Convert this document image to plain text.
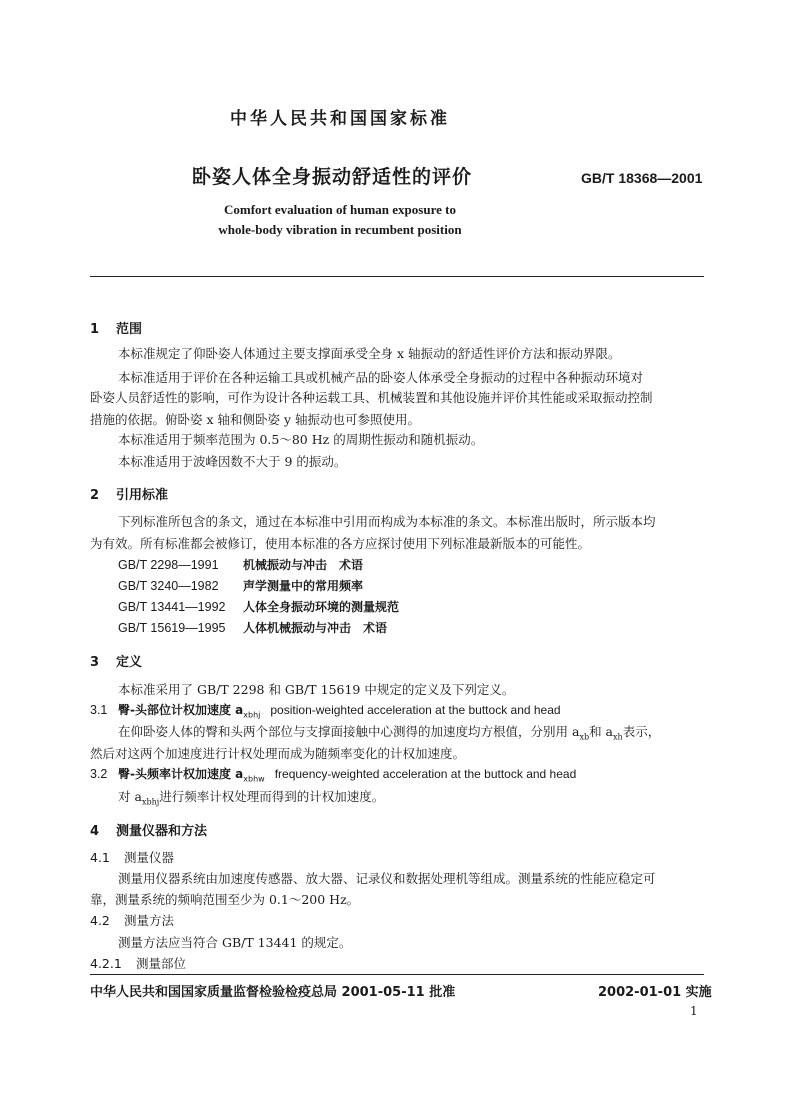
中华人民共和国国家标准
卧姿人体全身振动舒适性的评价	GB/T 18368—2001
Comfort evaluation of human exposure to
whole-body vibration in recumbent position
1 范围
本标准规定了仰卧姿人体通过主要支撑面承受全身 x 轴振动的舒适性评价方法和振动界限。
本标准适用于评价在各种运输工具或机械产品的卧姿人体承受全身振动的过程中各种振动环境对
卧姿人员舒适性的影响，可作为设计各种运载工具、机械装置和其他设施并评价其性能或采取振动控制
措施的依据。俯卧姿 x 轴和侧卧姿 y 轴振动也可参照使用。
本标准适用于频率范围为 0.5～80 Hz 的周期性振动和随机振动。
本标准适用于波峰因数不大于 9 的振动。
2 引用标准
下列标准所包含的条文，通过在本标准中引用而构成为本标准的条文。本标准出版时，所示版本均
为有效。所有标准都会被修订，使用本标准的各方应探讨使用下列标准最新版本的可能性。
GB/T 2298—1991 机械振动与冲击　术语
GB/T 3240—1982 声学测量中的常用频率
GB/T 13441—1992 人体全身振动环境的测量规范
GB/T 15619—1995 人体机械振动与冲击　术语
3 定义
本标准采用了 GB/T 2298 和 GB/T 15619 中规定的定义及下列定义。
3.1 臀-头部位计权加速度 $a_{xbhj}$ position-weighted acceleration at the buttock and head
在仰卧姿人体的臀和头两个部位与支撑面接触中心测得的加速度均方根值，分别用 $a_{xb}$和 $a_{xh}$表示，
然后对这两个加速度进行计权处理而成为随频率变化的计权加速度。
3.2 臀-头频率计权加速度 $a_{xbhw}$ frequency-weighted acceleration at the buttock and head
对 $a_{xbhj}$进行频率计权处理而得到的计权加速度。
4 测量仪器和方法
4.1 测量仪器
测量用仪器系统由加速度传感器、放大器、记录仪和数据处理机等组成。测量系统的性能应稳定可
靠，测量系统的频响范围至少为 0.1～200 Hz。
4.2 测量方法
测量方法应当符合 GB/T 13441 的规定。
4.2.1 测量部位
中华人民共和国国家质量监督检验检疫总局 2001-05-11 批准	2002-01-01 实施
1
